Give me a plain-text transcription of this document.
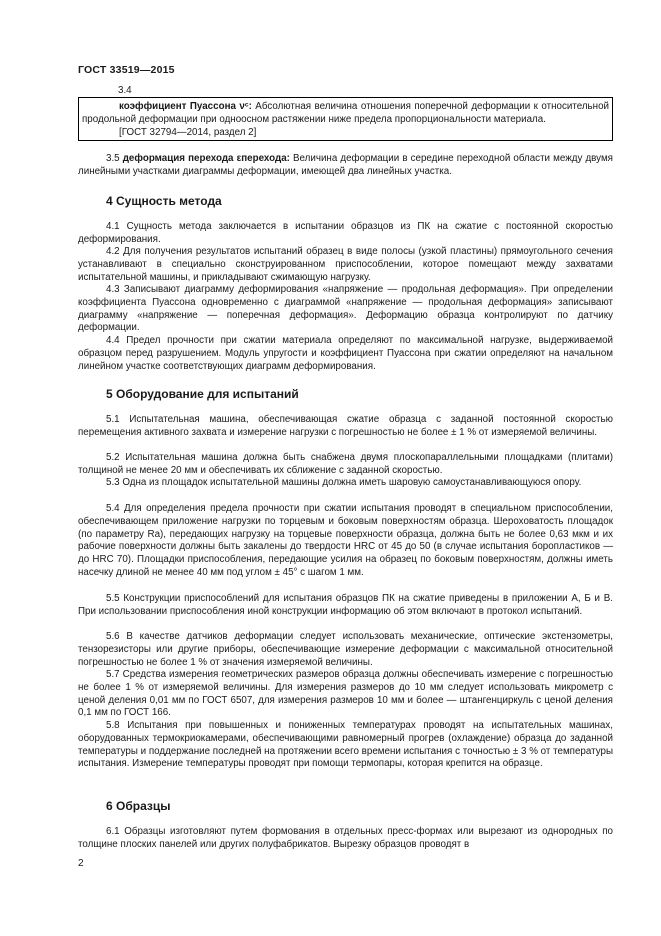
ГОСТ 33519—2015
3.4
коэффициент Пуассона νᶜ: Абсолютная величина отношения поперечной деформации к относительной продольной деформации при одноосном растяжении ниже предела пропорциональности материала.
[ГОСТ 32794—2014, раздел 2]

3.5 деформация перехода εперехода: Величина деформации в середине переходной области между двумя линейными участками диаграммы деформации, имеющей два линейных участка.

4 Сущность метода

4.1 Сущность метода заключается в испытании образцов из ПК на сжатие с постоянной скоростью деформирования.

4.2 Для получения результатов испытаний образец в виде полосы (узкой пластины) прямоугольного сечения устанавливают в специально сконструированном приспособлении, которое помещают между захватами испытательной машины, и прикладывают сжимающую нагрузку.

4.3 Записывают диаграмму деформирования «напряжение — продольная деформация». При определении коэффициента Пуассона одновременно с диаграммой «напряжение — продольная деформация» записывают диаграмму «напряжение — поперечная деформация». Деформацию образца контролируют по датчику деформации.

4.4 Предел прочности при сжатии материала определяют по максимальной нагрузке, выдерживаемой образцом перед разрушением. Модуль упругости и коэффициент Пуассона при сжатии определяют на начальном линейном участке соответствующих диаграмм деформирования.

5 Оборудование для испытаний

5.1 Испытательная машина, обеспечивающая сжатие образца с заданной постоянной скоростью перемещения активного захвата и измерение нагрузки с погрешностью не более ± 1 % от измеряемой величины.

5.2 Испытательная машина должна быть снабжена двумя плоскопараллельными площадками (плитами) толщиной не менее 20 мм и обеспечивать их сближение с заданной скоростью.

5.3 Одна из площадок испытательной машины должна иметь шаровую самоустанавливающуюся опору.

5.4 Для определения предела прочности при сжатии испытания проводят в специальном приспособлении, обеспечивающем приложение нагрузки по торцевым и боковым поверхностям образца. Шероховатость площадок (по параметру Ra), передающих нагрузку на торцевые поверхности образца, должна быть не более 0,63 мкм и их рабочие поверхности должны быть закалены до твердости HRC от 45 до 50 (в случае испытания боропластиков — до HRC 70). Площадки приспособления, передающие усилия на образец по боковым поверхностям, должны иметь насечку длиной не менее 40 мм под углом ± 45° с шагом 1 мм.

5.5 Конструкции приспособлений для испытания образцов ПК на сжатие приведены в приложении А, Б и В. При использовании приспособления иной конструкции информацию об этом включают в протокол испытаний.

5.6 В качестве датчиков деформации следует использовать механические, оптические экстензометры, тензорезисторы или другие приборы, обеспечивающие измерение деформации с максимальной относительной погрешностью не более 1 % от значения измеряемой величины.

5.7 Средства измерения геометрических размеров образца должны обеспечивать измерение с погрешностью не более 1 % от измеряемой величины. Для измерения размеров до 10 мм следует использовать микрометр с ценой деления 0,01 мм по ГОСТ 6507, для измерения размеров 10 мм и более — штангенциркуль с ценой деления 0,1 мм по ГОСТ 166.

5.8 Испытания при повышенных и пониженных температурах проводят на испытательных машинах, оборудованных термокриокамерами, обеспечивающими равномерный прогрев (охлаждение) образца до заданной температуры и поддержание последней на протяжении всего времени испытания с точностью ± 3 % от температуры испытания. Измерение температуры проводят при помощи термопары, которая крепится на образце.

6 Образцы

6.1 Образцы изготовляют путем формования в отдельных пресс-формах или вырезают из однородных по толщине плоских панелей или других полуфабрикатов. Вырезку образцов проводят в

2
